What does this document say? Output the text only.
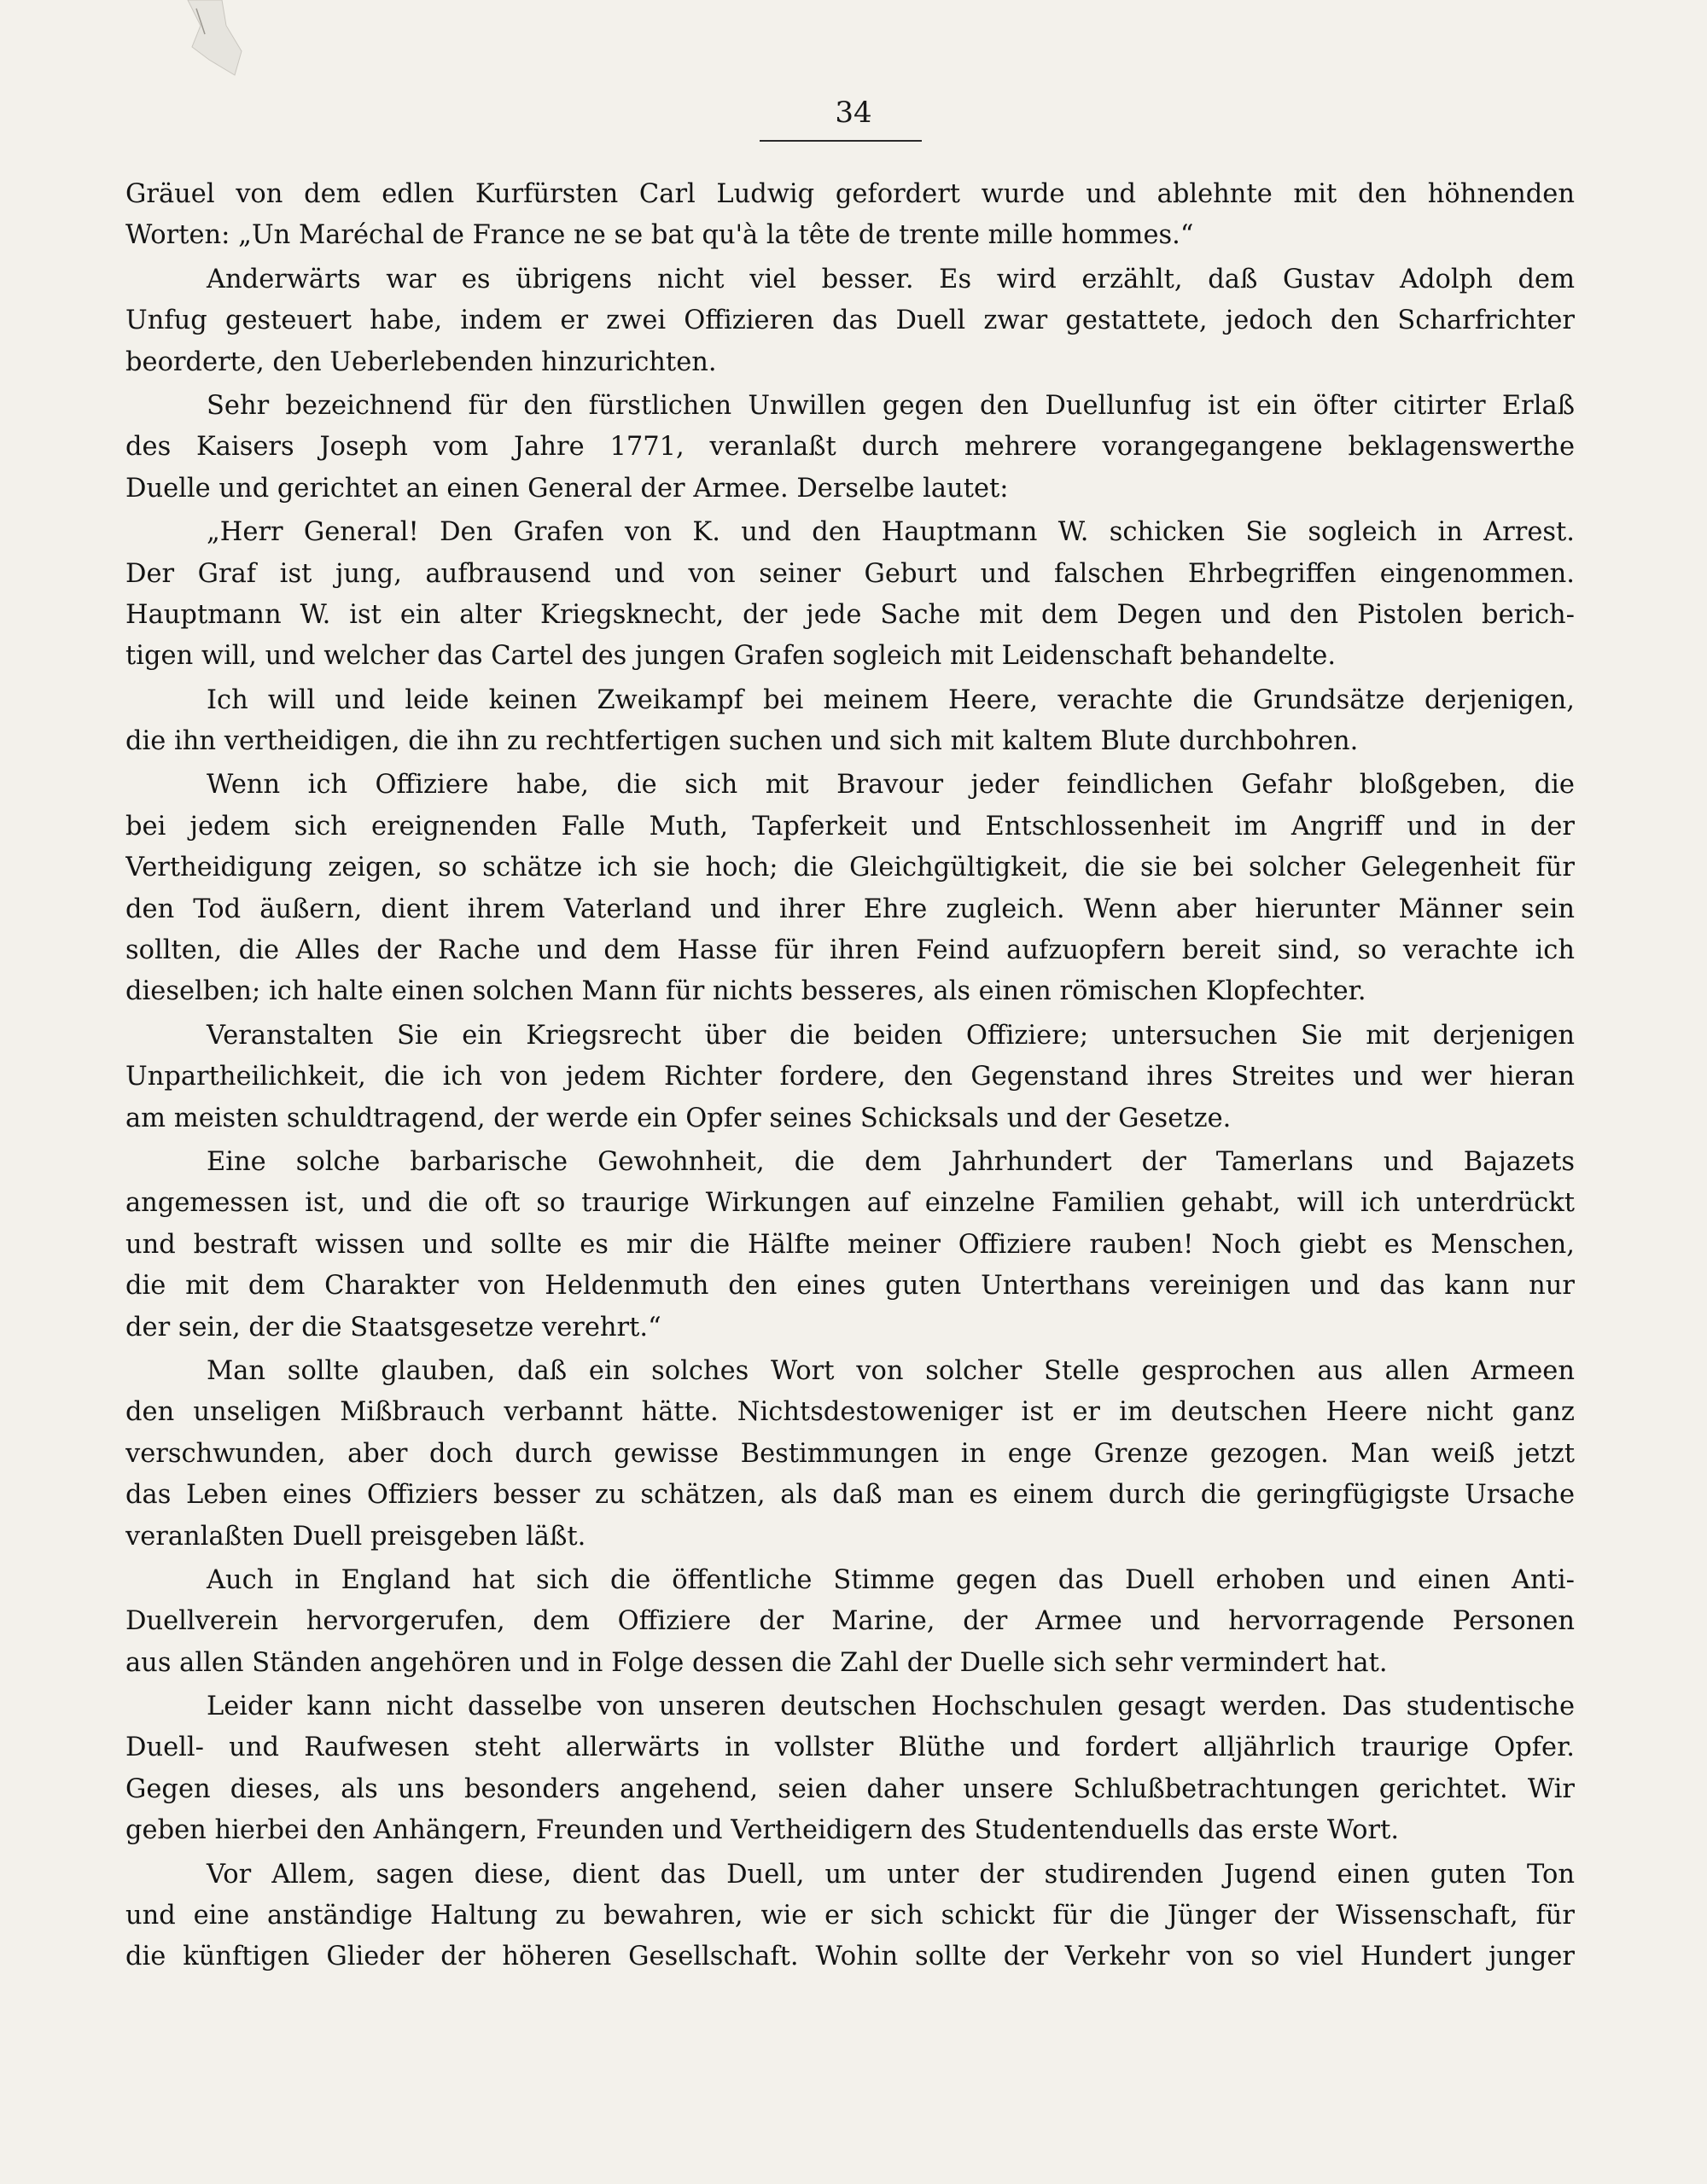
34
Gräuel von dem edlen Kurfürsten Carl Ludwig gefordert wurde und ablehnte mit den höhnenden
Worten: „Un Maréchal de France ne se bat qu'à la tête de trente mille hommes.“
Anderwärts war es übrigens nicht viel besser. Es wird erzählt, daß Gustav Adolph dem
Unfug gesteuert habe, indem er zwei Offizieren das Duell zwar gestattete, jedoch den Scharfrichter
beorderte, den Ueberlebenden hinzurichten.
Sehr bezeichnend für den fürstlichen Unwillen gegen den Duellunfug ist ein öfter citirter Erlaß
des Kaisers Joseph vom Jahre 1771, veranlaßt durch mehrere vorangegangene beklagenswerthe
Duelle und gerichtet an einen General der Armee. Derselbe lautet:
„Herr General! Den Grafen von K. und den Hauptmann W. schicken Sie sogleich in Arrest.
Der Graf ist jung, aufbrausend und von seiner Geburt und falschen Ehrbegriffen eingenommen.
Hauptmann W. ist ein alter Kriegsknecht, der jede Sache mit dem Degen und den Pistolen berich-
tigen will, und welcher das Cartel des jungen Grafen sogleich mit Leidenschaft behandelte.
Ich will und leide keinen Zweikampf bei meinem Heere, verachte die Grundsätze derjenigen,
die ihn vertheidigen, die ihn zu rechtfertigen suchen und sich mit kaltem Blute durchbohren.
Wenn ich Offiziere habe, die sich mit Bravour jeder feindlichen Gefahr bloßgeben, die
bei jedem sich ereignenden Falle Muth, Tapferkeit und Entschlossenheit im Angriff und in der
Vertheidigung zeigen, so schätze ich sie hoch; die Gleichgültigkeit, die sie bei solcher Gelegenheit für
den Tod äußern, dient ihrem Vaterland und ihrer Ehre zugleich. Wenn aber hierunter Männer sein
sollten, die Alles der Rache und dem Hasse für ihren Feind aufzuopfern bereit sind, so verachte ich
dieselben; ich halte einen solchen Mann für nichts besseres, als einen römischen Klopfechter.
Veranstalten Sie ein Kriegsrecht über die beiden Offiziere; untersuchen Sie mit derjenigen
Unpartheilichkeit, die ich von jedem Richter fordere, den Gegenstand ihres Streites und wer hieran
am meisten schuldtragend, der werde ein Opfer seines Schicksals und der Gesetze.
Eine solche barbarische Gewohnheit, die dem Jahrhundert der Tamerlans und Bajazets
angemessen ist, und die oft so traurige Wirkungen auf einzelne Familien gehabt, will ich unterdrückt
und bestraft wissen und sollte es mir die Hälfte meiner Offiziere rauben! Noch giebt es Menschen,
die mit dem Charakter von Heldenmuth den eines guten Unterthans vereinigen und das kann nur
der sein, der die Staatsgesetze verehrt.“
Man sollte glauben, daß ein solches Wort von solcher Stelle gesprochen aus allen Armeen
den unseligen Mißbrauch verbannt hätte. Nichtsdestoweniger ist er im deutschen Heere nicht ganz
verschwunden, aber doch durch gewisse Bestimmungen in enge Grenze gezogen. Man weiß jetzt
das Leben eines Offiziers besser zu schätzen, als daß man es einem durch die geringfügigste Ursache
veranlaßten Duell preisgeben läßt.
Auch in England hat sich die öffentliche Stimme gegen das Duell erhoben und einen Anti-
Duellverein hervorgerufen, dem Offiziere der Marine, der Armee und hervorragende Personen
aus allen Ständen angehören und in Folge dessen die Zahl der Duelle sich sehr vermindert hat.
Leider kann nicht dasselbe von unseren deutschen Hochschulen gesagt werden. Das studentische
Duell- und Raufwesen steht allerwärts in vollster Blüthe und fordert alljährlich traurige Opfer.
Gegen dieses, als uns besonders angehend, seien daher unsere Schlußbetrachtungen gerichtet. Wir
geben hierbei den Anhängern, Freunden und Vertheidigern des Studentenduells das erste Wort.
Vor Allem, sagen diese, dient das Duell, um unter der studirenden Jugend einen guten Ton
und eine anständige Haltung zu bewahren, wie er sich schickt für die Jünger der Wissenschaft, für
die künftigen Glieder der höheren Gesellschaft. Wohin sollte der Verkehr von so viel Hundert junger
